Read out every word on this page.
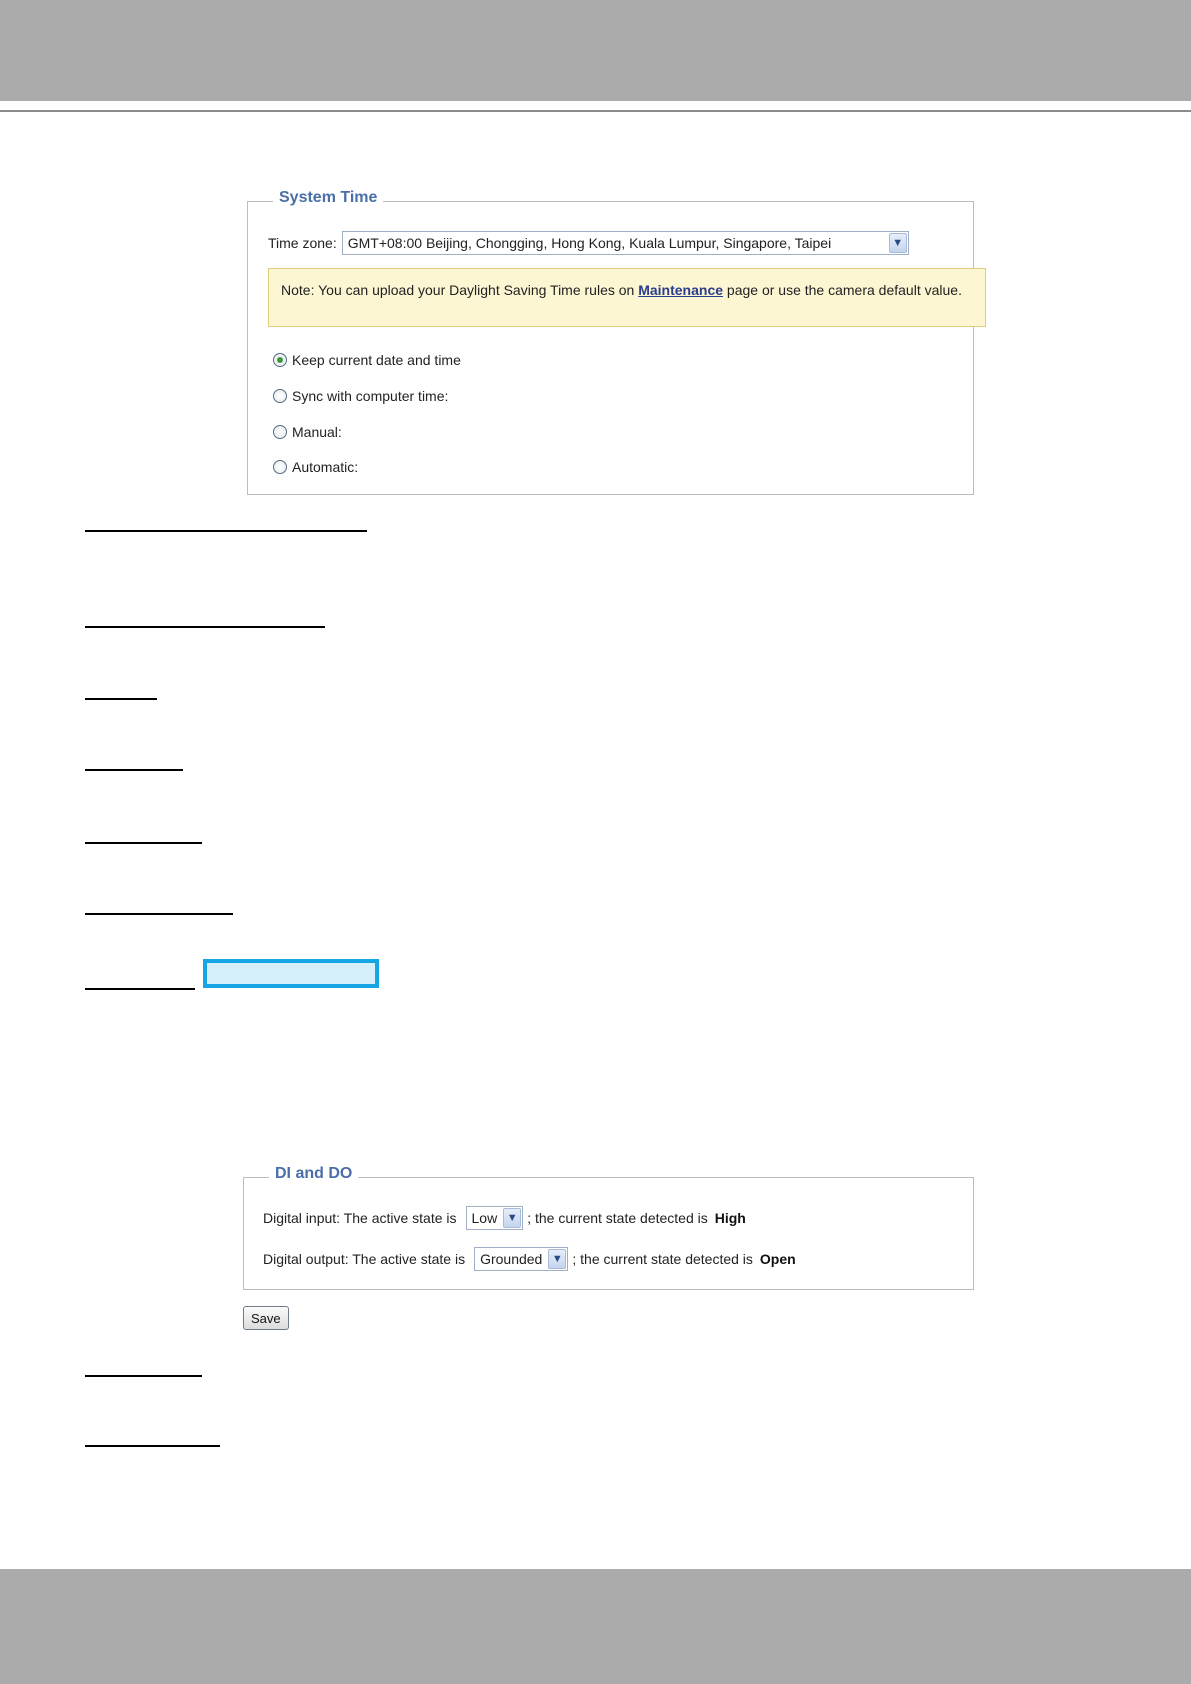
System Time
Time zone: GMT+08:00 Beijing, Chongging, Hong Kong, Kuala Lumpur, Singapore, Taipei	▼
Note: You can upload your Daylight Saving Time rules on Maintenance page or use the camera default value.
Keep current date and time
Sync with computer time:
Manual:
Automatic:
DI and DO
Digital input: The active state is Low ▼ ; the current state detected is High
Digital output: The active state is Grounded ▼ ; the current state detected is Open
Save
